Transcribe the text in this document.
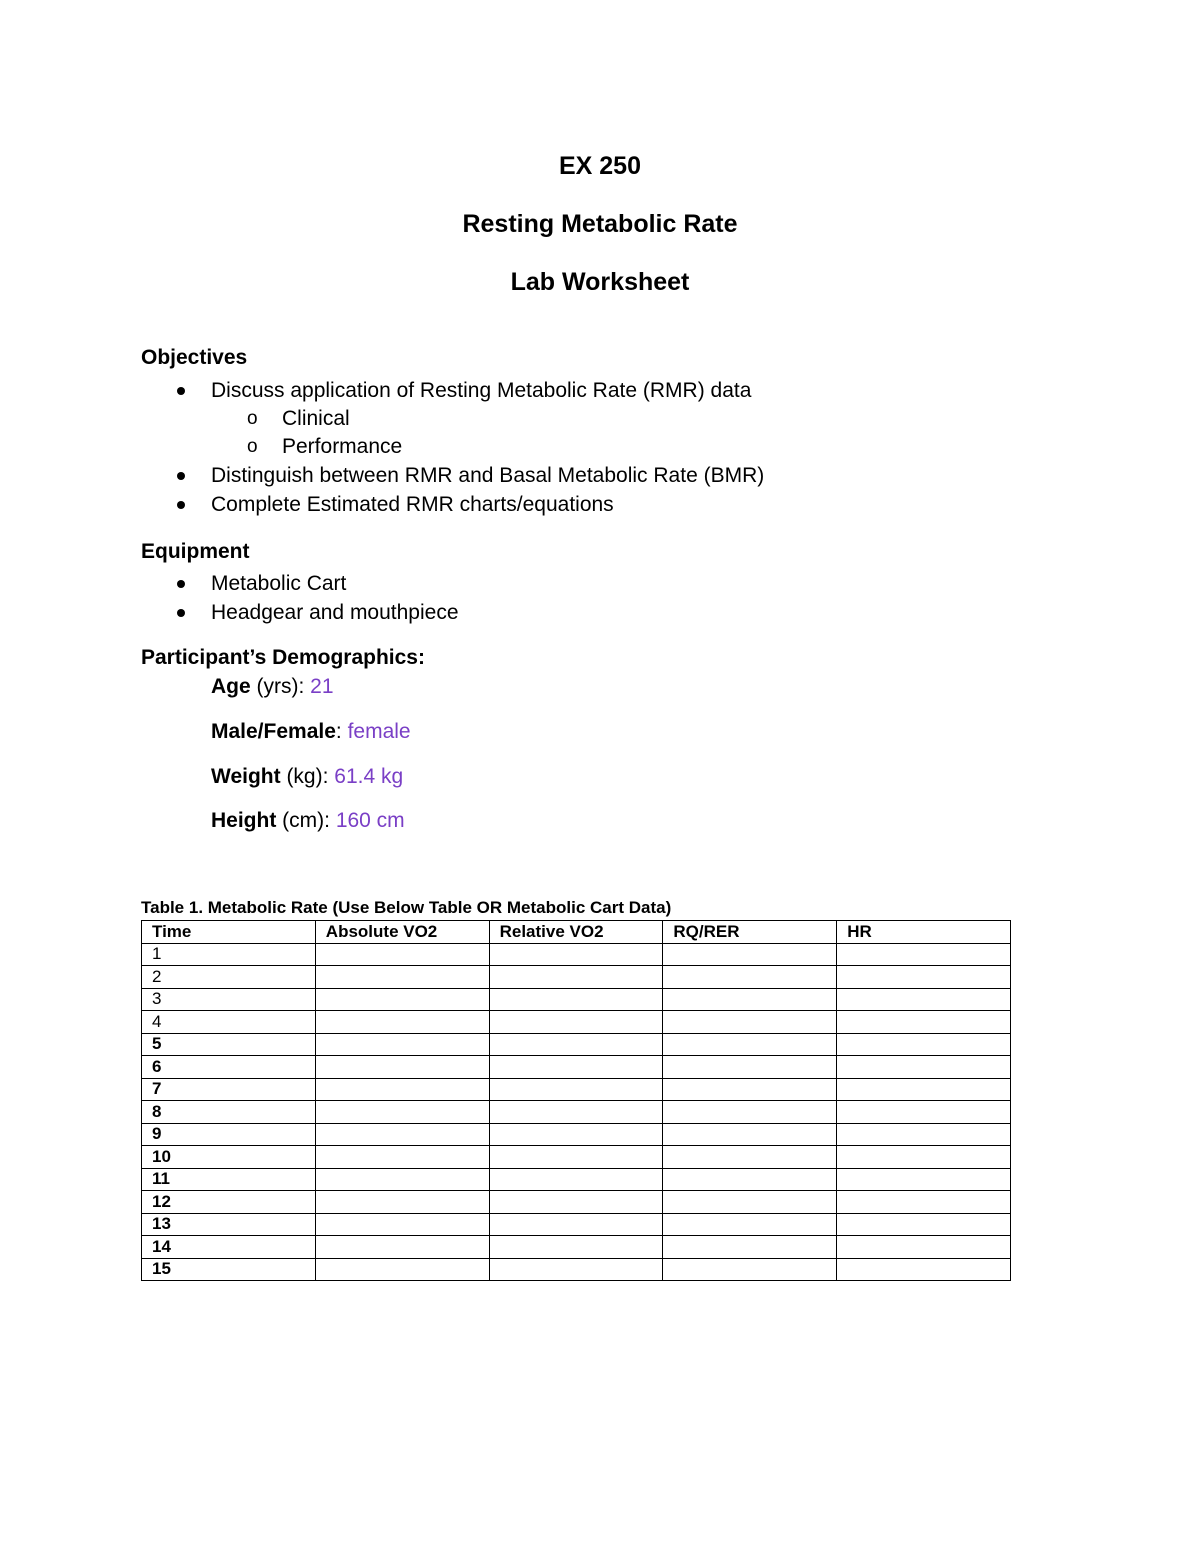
EX 250

Resting Metabolic Rate

Lab Worksheet

Objectives

Discuss application of Resting Metabolic Rate (RMR) data
o Clinical
o Performance
Distinguish between RMR and Basal Metabolic Rate (BMR)
Complete Estimated RMR charts/equations

Equipment

Metabolic Cart
Headgear and mouthpiece

Participant’s Demographics:

Age (yrs): 21

Male/Female: female

Weight (kg): 61.4 kg

Height (cm): 160 cm

Table 1. Metabolic Rate (Use Below Table OR Metabolic Cart Data)

Time	Absolute VO2	Relative VO2	RQ/RER	HR
1				
2				
3				
4				
5				
6				
7				
8				
9				
10				
11				
12				
13				
14				
15				
